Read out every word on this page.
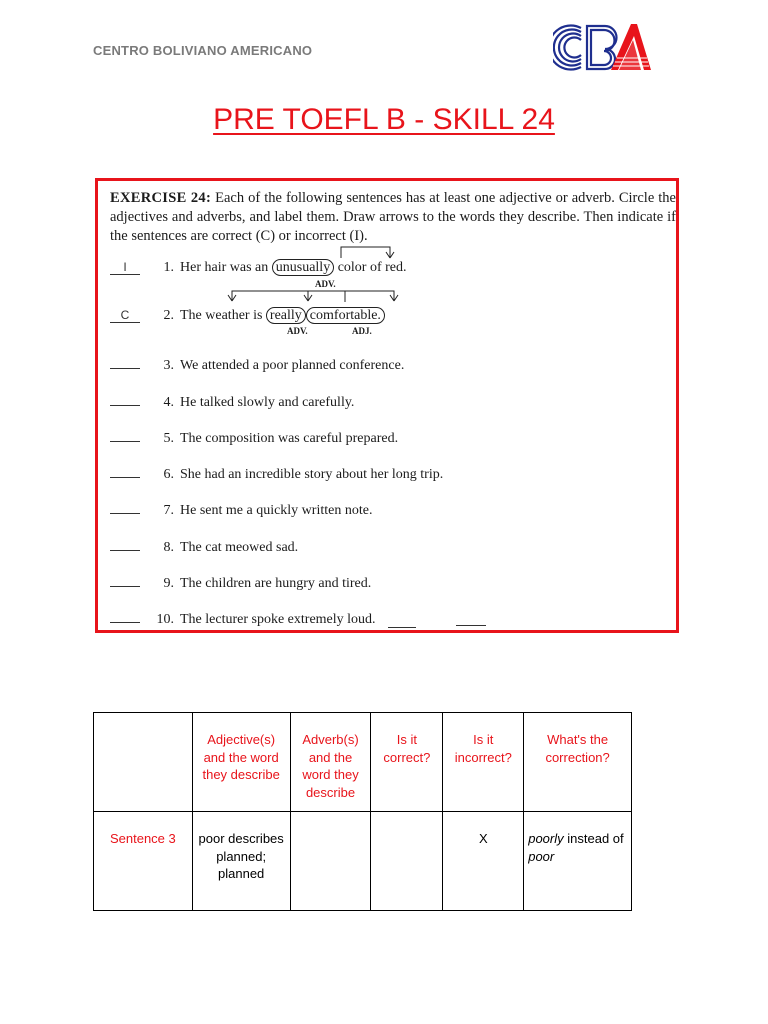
CENTRO BOLIVIANO AMERICANO
PRE TOEFL B - SKILL 24
EXERCISE 24: Each of the following sentences has at least one adjective or adverb. Circle the adjectives and adverbs, and label them. Draw arrows to the words they describe. Then indicate if the sentences are correct (C) or incorrect (I).
I	1. Her hair was an unusually color of red.
ADV.
C 2. The weather is really comfortable.
ADV.	ADJ.
3. We attended a poor planned conference.
4. He talked slowly and carefully.
5. The composition was careful prepared.
6. She had an incredible story about her long trip.
7. He sent me a quickly written note.
8. The cat meowed sad.
9. The children are hungry and tired.
10. The lecturer spoke extremely loud.
	Adjective(s) and the word they describe	Adverb(s) and the word they describe	Is it correct?	Is it incorrect?	What's the correction?
Sentence 3	poor describes planned; planned			X	poorly instead of poor
